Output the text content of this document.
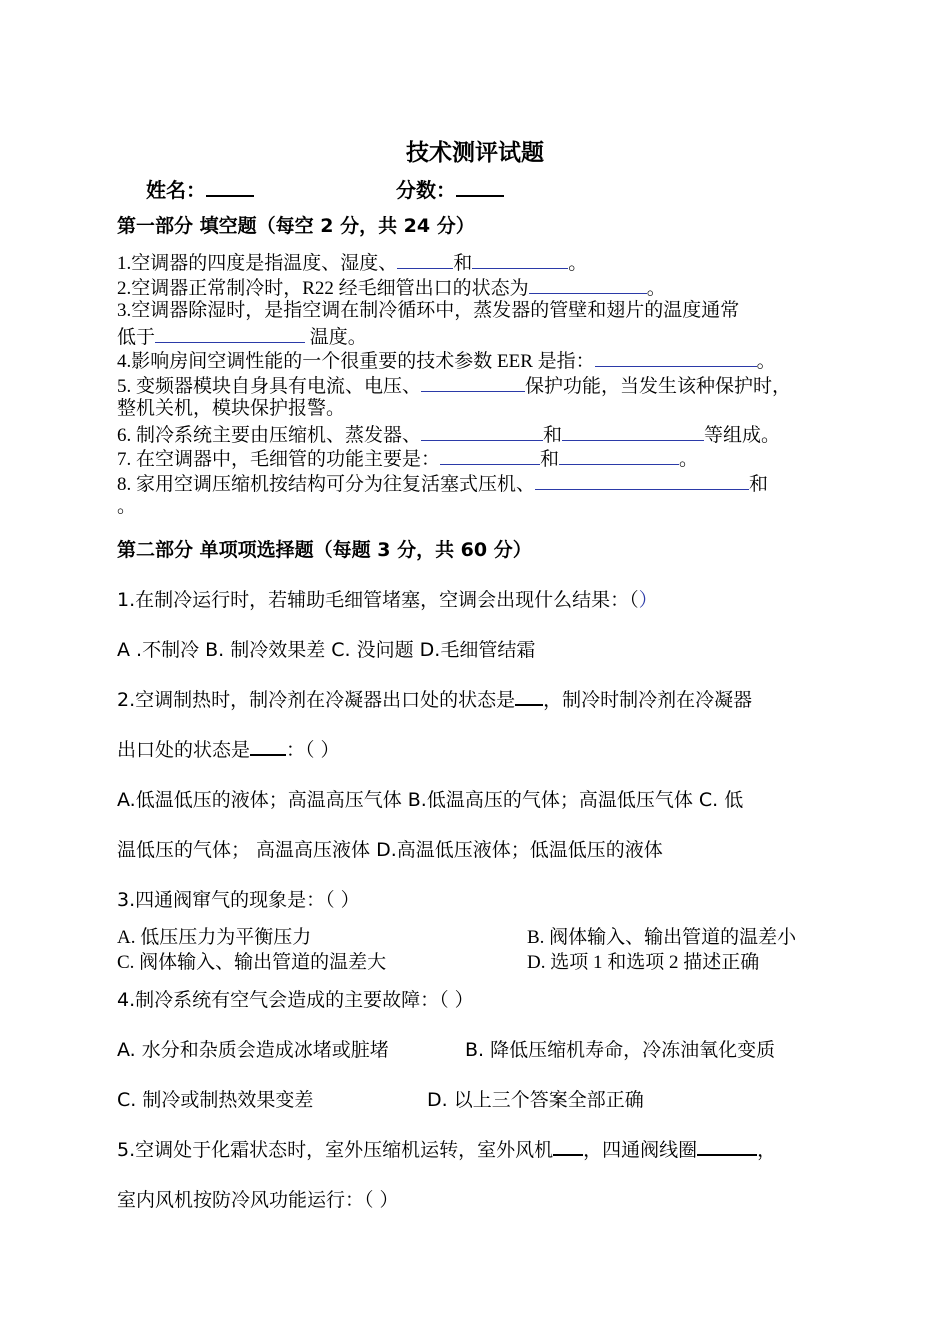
技术测评试题
姓名：	分数：
第一部分 填空题（每空 2 分，共 24 分）
1.空调器的四度是指温度、湿度、	和	。
2.空调器正常制冷时，R22 经毛细管出口的状态为	。
3.空调器除湿时，是指空调在制冷循环中，蒸发器的管壁和翅片的温度通常
低于	温度。
4.影响房间空调性能的一个很重要的技术参数 EER 是指：	。
5. 变频器模块自身具有电流、电压、	保护功能，当发生该种保护时，
整机关机，模块保护报警。
6. 制冷系统主要由压缩机、蒸发器、	和	等组成。
7. 在空调器中，毛细管的功能主要是：	和	。
8. 家用空调压缩机按结构可分为往复活塞式压机、	和
。
第二部分 单项项选择题（每题 3 分，共 60 分）
1.在制冷运行时，若辅助毛细管堵塞，空调会出现什么结果：（）
A .不制冷 B. 制冷效果差 C. 没问题 D.毛细管结霜
2.空调制热时，制冷剂在冷凝器出口处的状态是 ，制冷时制冷剂在冷凝器
出口处的状态是 ：（ ）
A.低温低压的液体；高温高压气体 B.低温高压的气体；高温低压气体 C. 低
温低压的气体； 高温高压液体 D.高温低压液体；低温低压的液体
3.四通阀窜气的现象是：（ ）
A. 低压压力为平衡压力	B. 阀体输入、输出管道的温差小
C. 阀体输入、输出管道的温差大	D. 选项 1 和选项 2 描述正确
4.制冷系统有空气会造成的主要故障：（ ）
A. 水分和杂质会造成冰堵或脏堵	B. 降低压缩机寿命，冷冻油氧化变质
C. 制冷或制热效果变差	D. 以上三个答案全部正确
5.空调处于化霜状态时，室外压缩机运转，室外风机 ，四通阀线圈	，
室内风机按防冷风功能运行：（ ）
